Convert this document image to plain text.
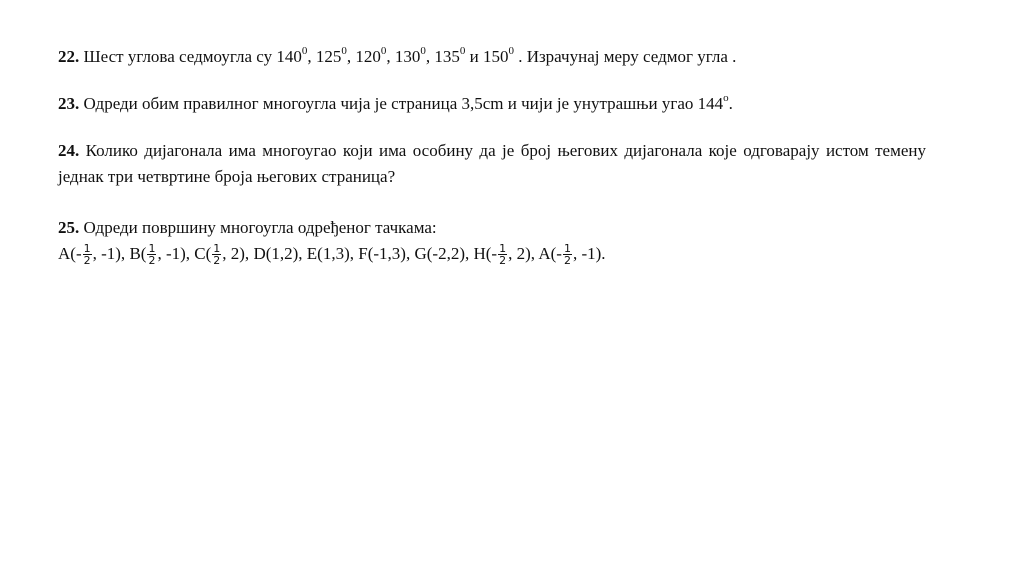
22. Шест углова седмоугла су $140^0$, $125^0$, $120^0$, $130^0$, $135^0$ и $150^0$ . Израчунај меру седмог угла .
23. Одреди обим правилног многоугла чија је страница 3,5cm и чији је унутрашњи угао 144$^o$.
24. Колико дијагонала има многоугао који има особину да је број његових дијагонала које одговарају истом темену једнак три четвртине броја његових страница?
25. Одреди површину многоугла одређеног тачкама:
$A(- \frac{1}{2}$ , -1), $B( \frac{1}{2}$ , -1), $C( \frac{1}{2}$ , 2), D(1,2), E(1,3), F(-1,3), G(-2,2), $H(- \frac{1}{2}$ , 2), $A(- \frac{1}{2}$ , -1).
